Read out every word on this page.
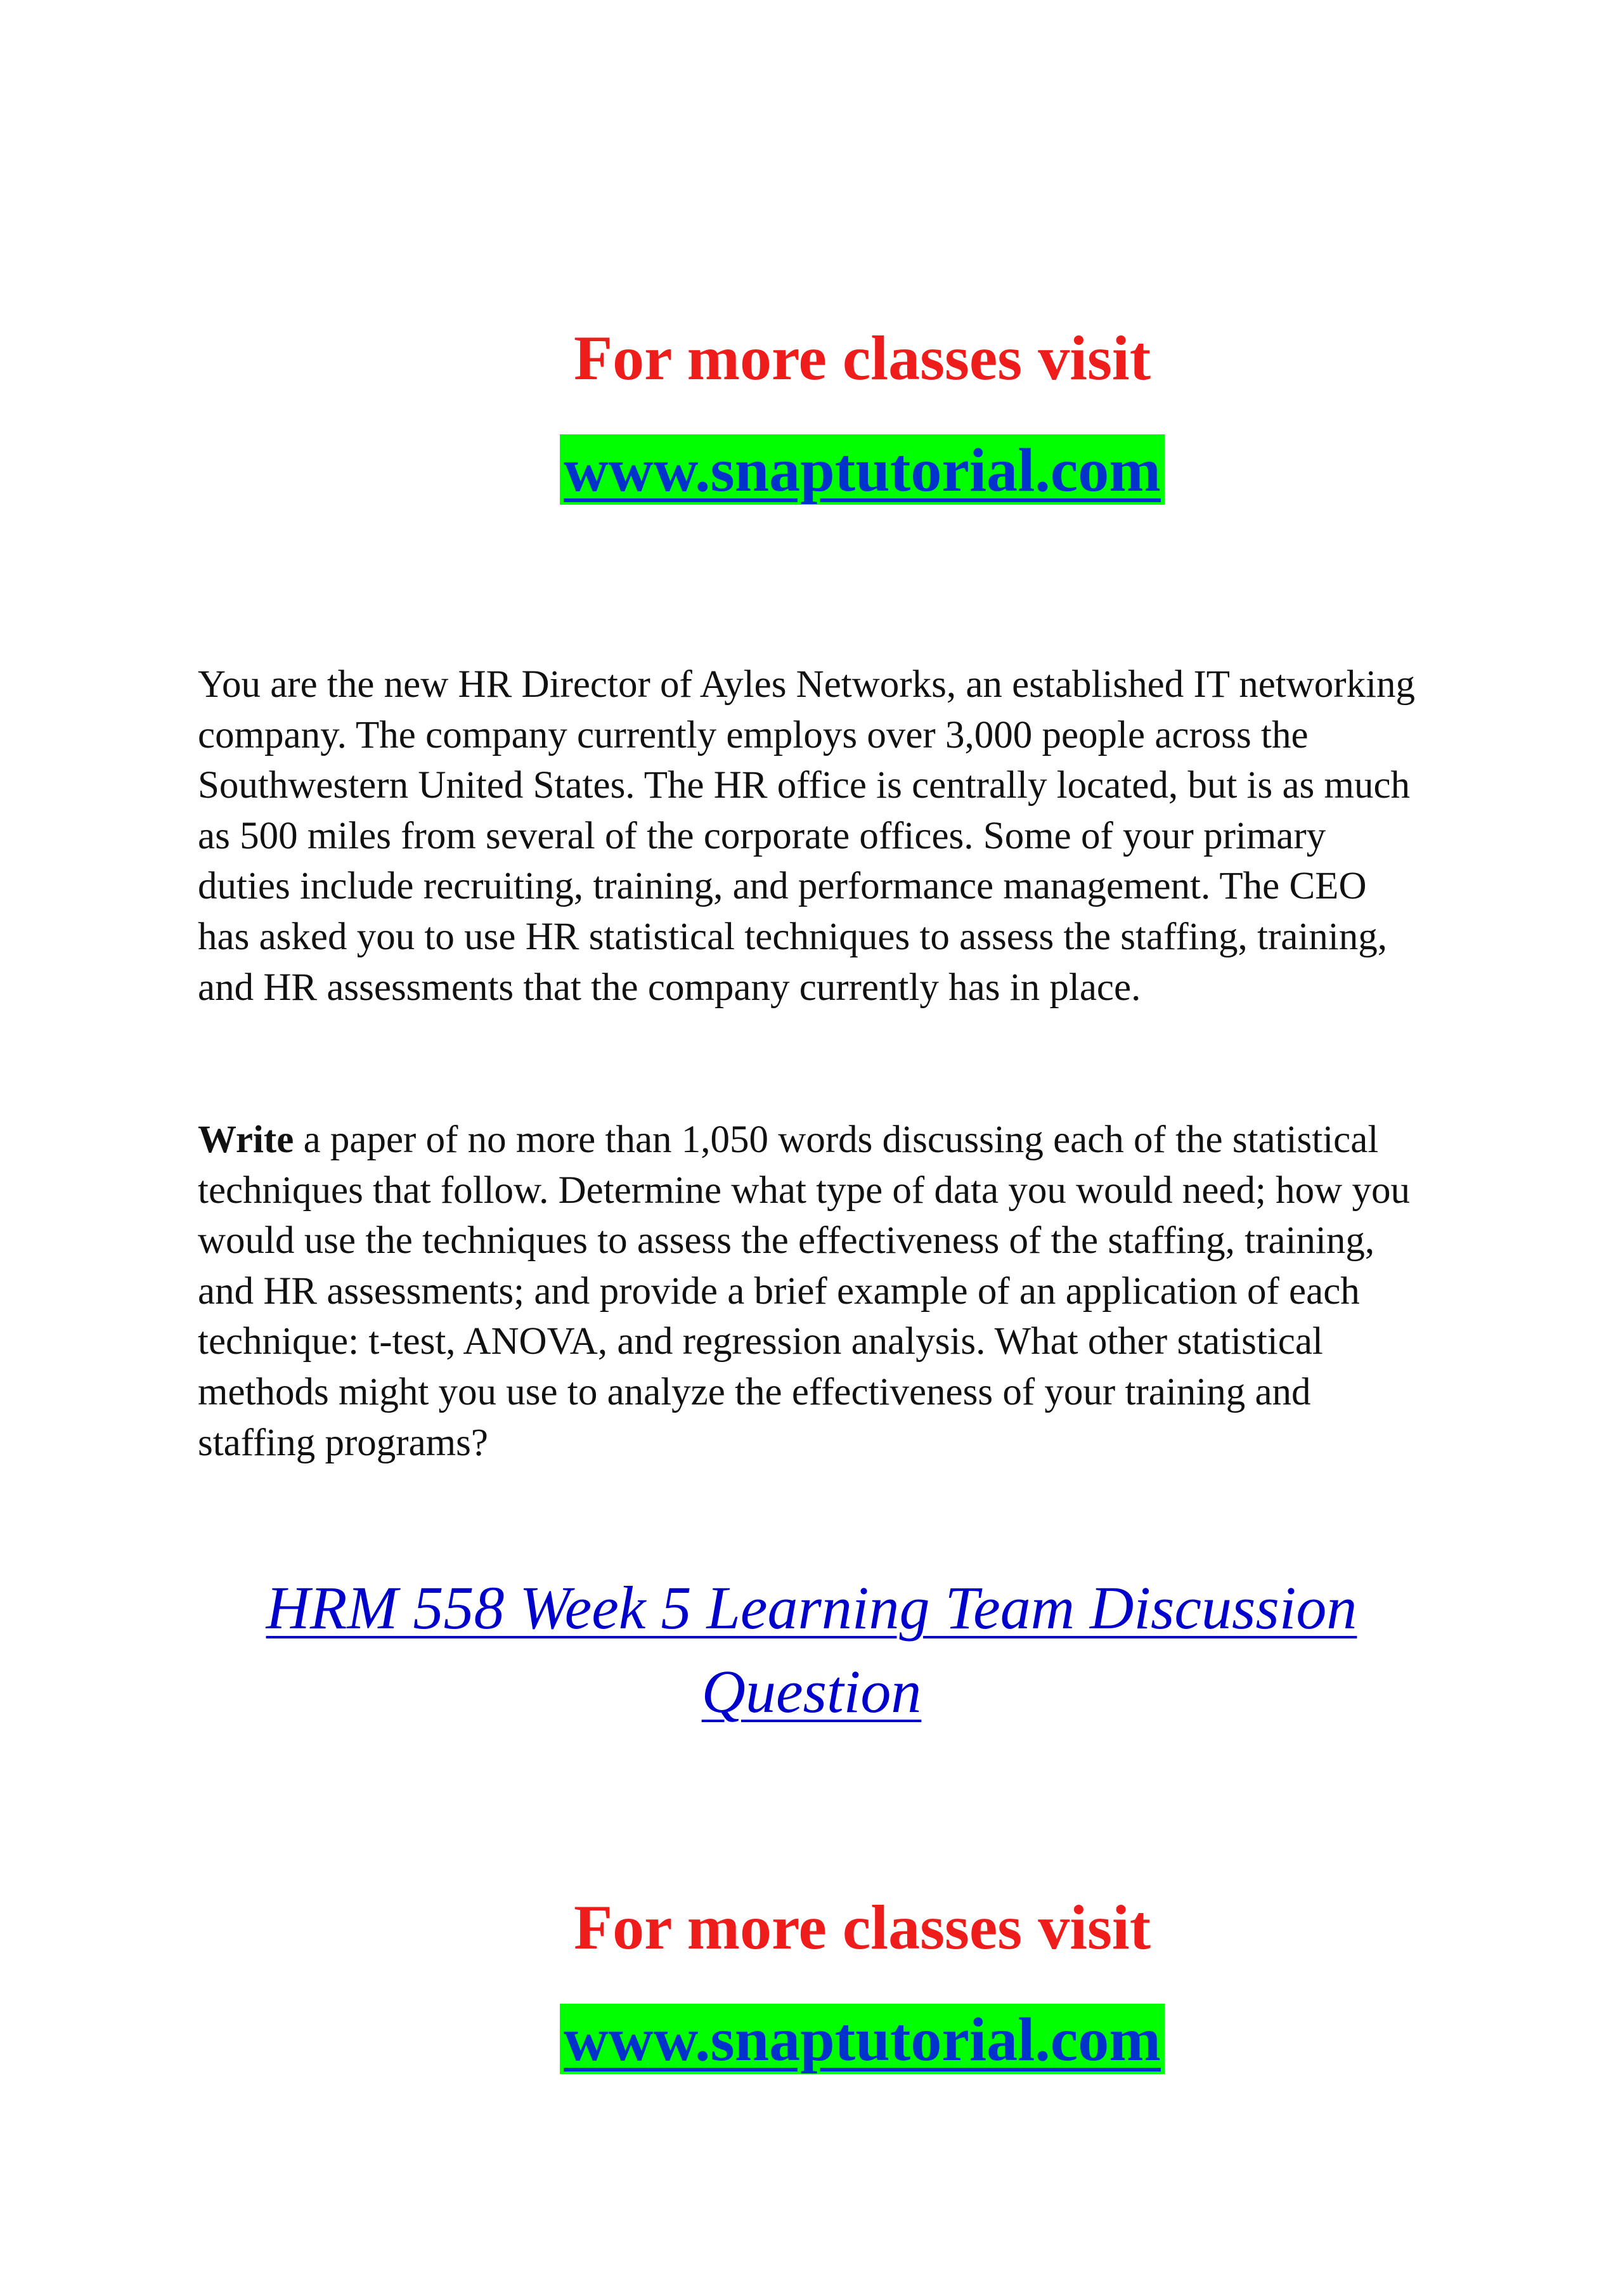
For more classes visit
www.snaptutorial.com

You are the new HR Director of Ayles Networks, an established IT networking company. The company currently employs over 3,000 people across the Southwestern United States. The HR office is centrally located, but is as much as 500 miles from several of the corporate offices. Some of your primary duties include recruiting, training, and performance management. The CEO has asked you to use HR statistical techniques to assess the staffing, training, and HR assessments that the company currently has in place.

Write a paper of no more than 1,050 words discussing each of the statistical techniques that follow. Determine what type of data you would need; how you would use the techniques to assess the effectiveness of the staffing, training, and HR assessments; and provide a brief example of an application of each technique: t-test, ANOVA, and regression analysis. What other statistical methods might you use to analyze the effectiveness of your training and staffing programs?

HRM 558 Week 5 Learning Team Discussion Question
For more classes visit
www.snaptutorial.com
